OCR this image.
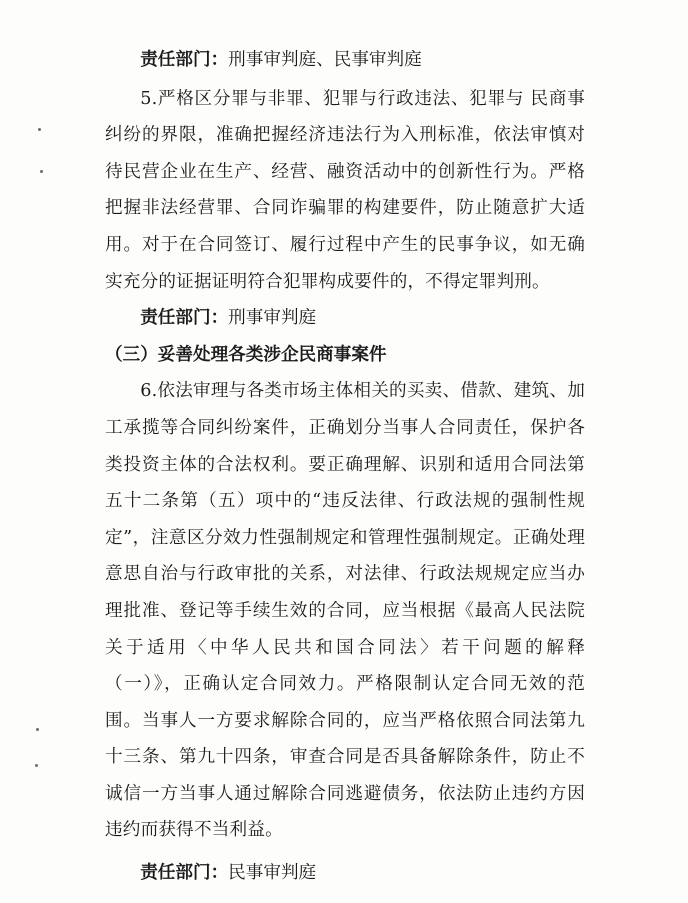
责任部门：刑事审判庭、民事审判庭

5.严格区分罪与非罪、犯罪与行政违法、犯罪与 民商事纠纷的界限，准确把握经济违法行为入刑标准，依法审慎对待民营企业在生产、经营、融资活动中的创新性行为。严格把握非法经营罪、合同诈骗罪的构建要件，防止随意扩大适用。对于在合同签订、履行过程中产生的民事争议，如无确实充分的证据证明符合犯罪构成要件的，不得定罪判刑。

责任部门：刑事审判庭

（三）妥善处理各类涉企民商事案件

6.依法审理与各类市场主体相关的买卖、借款、建筑、加工承揽等合同纠纷案件，正确划分当事人合同责任，保护各类投资主体的合法权利。要正确理解、识别和适用合同法第五十二条第（五）项中的“违反法律、行政法规的强制性规定”，注意区分效力性强制规定和管理性强制规定。正确处理意思自治与行政审批的关系，对法律、行政法规规定应当办理批准、登记等手续生效的合同，应当根据《最高人民法院关于适用〈中华人民共和国合同法〉若干问题的解释（一）》，正确认定合同效力。严格限制认定合同无效的范围。当事人一方要求解除合同的，应当严格依照合同法第九十三条、第九十四条，审查合同是否具备解除条件，防止不诚信一方当事人通过解除合同逃避债务，依法防止违约方因违约而获得不当利益。

责任部门：民事审判庭
